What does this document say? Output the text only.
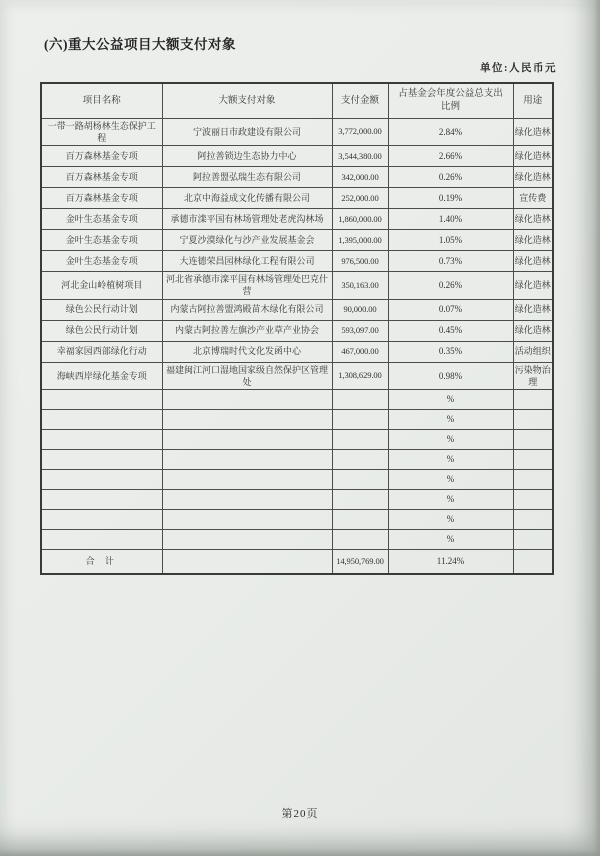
(六)重大公益项目大额支付对象
单位:人民币元
项目名称	大额支付对象	支付金额	占基金会年度公益总支出比例	用途
一带一路胡杨林生态保护工程	宁波丽日市政建设有限公司	3,772,000.00	2.84%	绿化造林
百万森林基金专项	阿拉善锁边生态协力中心	3,544,380.00	2.66%	绿化造林
百万森林基金专项	阿拉善盟弘瑞生态有限公司	342,000.00	0.26%	绿化造林
百万森林基金专项	北京中海益成文化传播有限公司	252,000.00	0.19%	宣传费
金叶生态基金专项	承德市滦平国有林场管理处老虎沟林场	1,860,000.00	1.40%	绿化造林
金叶生态基金专项	宁夏沙漠绿化与沙产业发展基金会	1,395,000.00	1.05%	绿化造林
金叶生态基金专项	大连德荣昌园林绿化工程有限公司	976,500.00	0.73%	绿化造林
河北金山岭植树项目	河北省承德市滦平国有林场管理处巴克什营	350,163.00	0.26%	绿化造林
绿色公民行动计划	内蒙古阿拉善盟鸿殿苗木绿化有限公司	90,000.00	0.07%	绿化造林
绿色公民行动计划	内蒙古阿拉善左旗沙产业草产业协会	593,097.00	0.45%	绿化造林
幸福家园西部绿化行动	北京博瑞时代文化发函中心	467,000.00	0.35%	活动组织
海峡西岸绿化基金专项	福建闽江河口湿地国家级自然保护区管理处	1,308,629.00	0.98%	污染物治理
			%	
			%	
			%	
			%	
			%	
			%	
			%	
			%	
合 计		14,950,769.00	11.24%	
第20页
